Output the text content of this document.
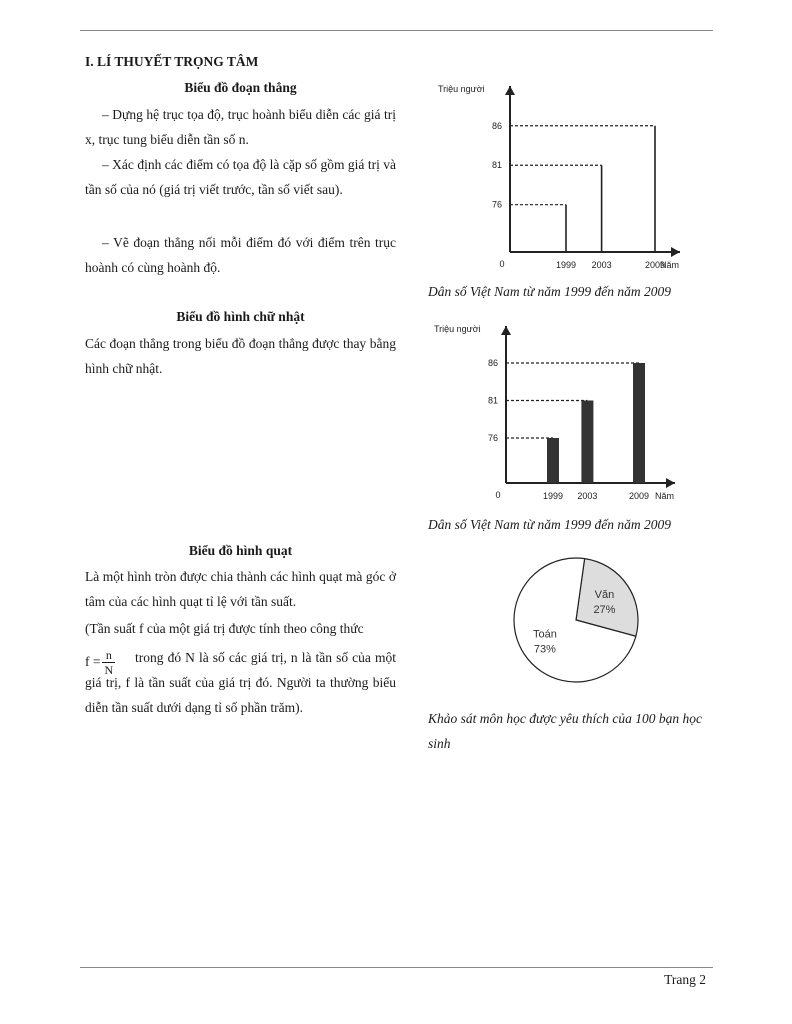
I. LÍ THUYẾT TRỌNG TÂM
Biểu đồ đoạn thẳng
– Dựng hệ trục tọa độ, trục hoành biểu diễn các giá trị x, trục tung biểu diễn tần số n.
– Xác định các điểm có tọa độ là cặp số gồm giá trị và tần số của nó (giá trị viết trước, tần số viết sau).
– Vẽ đoạn thẳng nối mỗi điểm đó với điểm trên trục hoành có cùng hoành độ.
Biểu đồ hình chữ nhật
Các đoạn thẳng trong biểu đồ đoạn thẳng được thay bằng hình chữ nhật.
Biểu đồ hình quạt
Là một hình tròn được chia thành các hình quạt mà góc ở tâm của các hình quạt tỉ lệ với tần suất.
(Tần suất f của một giá trị được tính theo công thức
$f = \frac{n}{N}$	trong đó N là số các giá trị, n là tần số của một giá trị, f là tần suất của giá trị đó. Người ta thường biểu diễn tần suất dưới dạng tỉ số phần trăm).
Triệu người
Năm
0
76
1999
81
2003
86
2009
Dân số Việt Nam từ năm 1999 đến năm 2009
Triệu người
Năm
0
76
1999
81
2003
86
2009
Dân số Việt Nam từ năm 1999 đến năm 2009
Văn
27%
Toán
73%
Khảo sát môn học được yêu thích của 100 bạn học sinh
Trang 2
